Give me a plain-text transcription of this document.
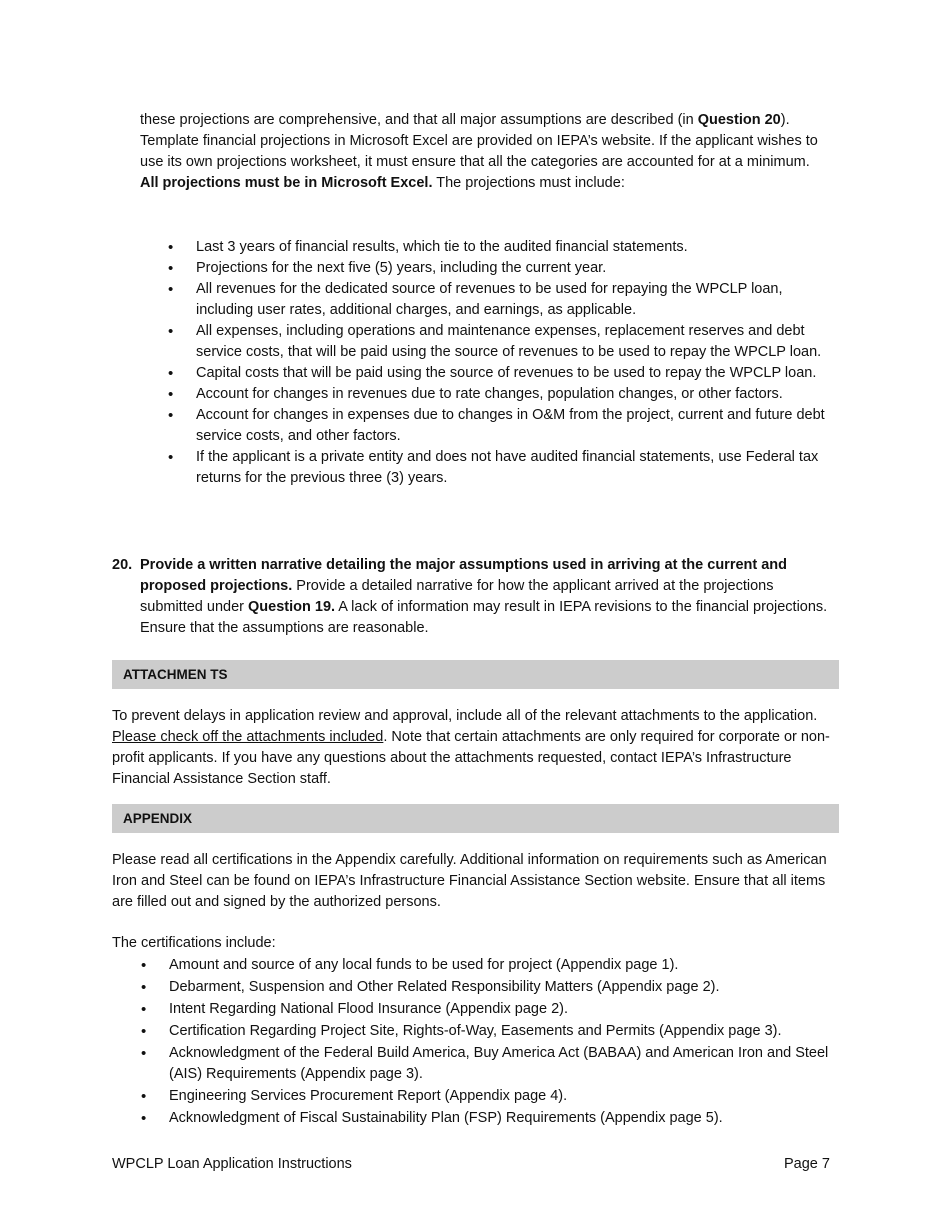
these projections are comprehensive, and that all major assumptions are described (in Question 20). Template financial projections in Microsoft Excel are provided on IEPA’s website. If the applicant wishes to use its own projections worksheet, it must ensure that all the categories are accounted for at a minimum. All projections must be in Microsoft Excel. The projections must include:

• Last 3 years of financial results, which tie to the audited financial statements.
• Projections for the next five (5) years, including the current year.
• All revenues for the dedicated source of revenues to be used for repaying the WPCLP loan, including user rates, additional charges, and earnings, as applicable.
• All expenses, including operations and maintenance expenses, replacement reserves and debt service costs, that will be paid using the source of revenues to be used to repay the WPCLP loan.
• Capital costs that will be paid using the source of revenues to be used to repay the WPCLP loan.
• Account for changes in revenues due to rate changes, population changes, or other factors.
• Account for changes in expenses due to changes in O&M from the project, current and future debt service costs, and other factors.
• If the applicant is a private entity and does not have audited financial statements, use Federal tax returns for the previous three (3) years.
20. Provide a written narrative detailing the major assumptions used in arriving at the current and proposed projections. Provide a detailed narrative for how the applicant arrived at the projections submitted under Question 19. A lack of information may result in IEPA revisions to the financial projections. Ensure that the assumptions are reasonable.
ATTACHMEN TS

To prevent delays in application review and approval, include all of the relevant attachments to the application. Please check off the attachments included. Note that certain attachments are only required for corporate or non-profit applicants. If you have any questions about the attachments requested, contact IEPA’s Infrastructure Financial Assistance Section staff.

APPENDIX

Please read all certifications in the Appendix carefully. Additional information on requirements such as American Iron and Steel can be found on IEPA’s Infrastructure Financial Assistance Section website. Ensure that all items are filled out and signed by the authorized persons.

The certifications include:

• Amount and source of any local funds to be used for project (Appendix page 1).
• Debarment, Suspension and Other Related Responsibility Matters (Appendix page 2).
• Intent Regarding National Flood Insurance (Appendix page 2).
• Certification Regarding Project Site, Rights-of-Way, Easements and Permits (Appendix page 3).
• Acknowledgment of the Federal Build America, Buy America Act (BABAA) and American Iron and Steel (AIS) Requirements (Appendix page 3).
• Engineering Services Procurement Report (Appendix page 4).
• Acknowledgment of Fiscal Sustainability Plan (FSP) Requirements (Appendix page 5).
WPCLP Loan Application Instructions	Page 7
